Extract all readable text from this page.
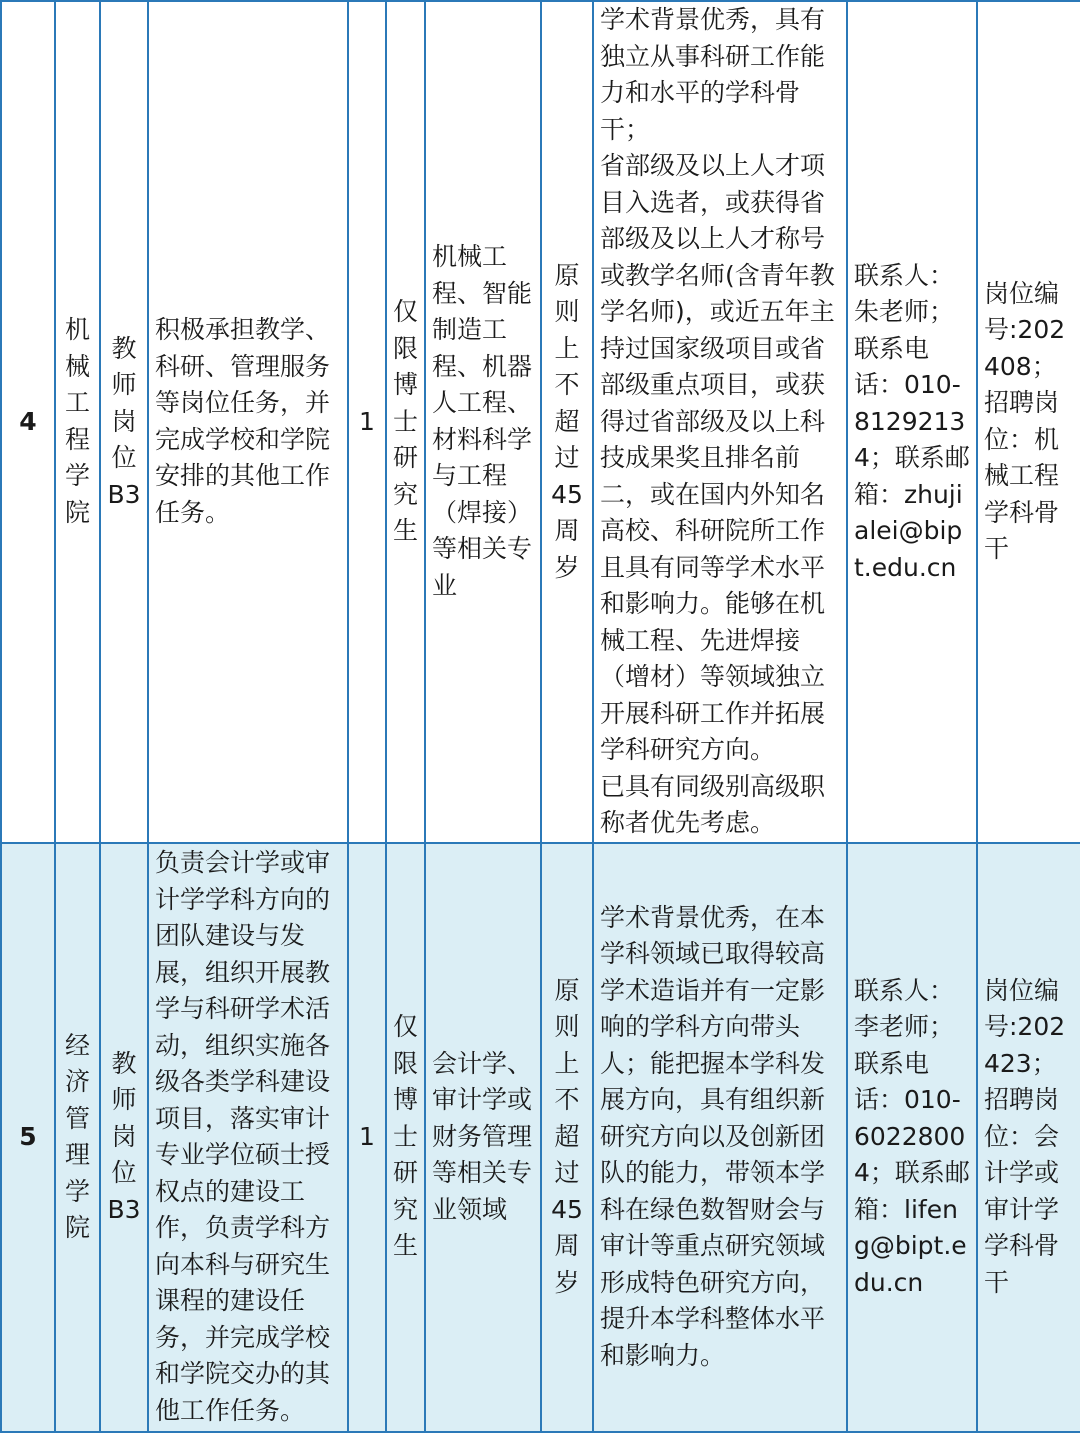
4	机械工程学院	教师岗位B3	积极承担教学、科研、管理服务等岗位任务，并完成学校和学院安排的其他工作任务。	1	仅限博士研究生	机械工程、智能制造工程、机器人工程、材料科学与工程（焊接）等相关专业	原则上不超过45周岁	学术背景优秀，具有独立从事科研工作能力和水平的学科骨干；
省部级及以上人才项目入选者，或获得省部级及以上人才称号或教学名师(含青年教学名师)，或近五年主持过国家级项目或省部级重点项目，或获得过省部级及以上科技成果奖且排名前二，或在国内外知名高校、科研院所工作且具有同等学术水平和影响力。能够在机械工程、先进焊接（增材）等领域独立开展科研工作并拓展学科研究方向。
已具有同级别高级职称者优先考虑。	联系人：朱老师；联系电话：010-81292134；联系邮箱：zhujialei@bipt.edu.cn	岗位编号:202408；
招聘岗位：机械工程学科骨干

5	经济管理学院	教师岗位B3	负责会计学或审计学学科方向的团队建设与发展，组织开展教学与科研学术活动，组织实施各级各类学科建设项目，落实审计专业学位硕士授权点的建设工作，负责学科方向本科与研究生课程的建设任务，并完成学校和学院交办的其他工作任务。	1	仅限博士研究生	会计学、审计学或财务管理等相关专业领域	原则上不超过45周岁	学术背景优秀，在本学科领域已取得较高学术造诣并有一定影响的学科方向带头人；能把握本学科发展方向，具有组织新研究方向以及创新团队的能力，带领本学科在绿色数智财会与审计等重点研究领域形成特色研究方向，提升本学科整体水平和影响力。	联系人：李老师；联系电话：010-60228004；联系邮箱：lifeng@bipt.edu.cn	岗位编号:202423；
招聘岗位：会计学或审计学学科骨干
